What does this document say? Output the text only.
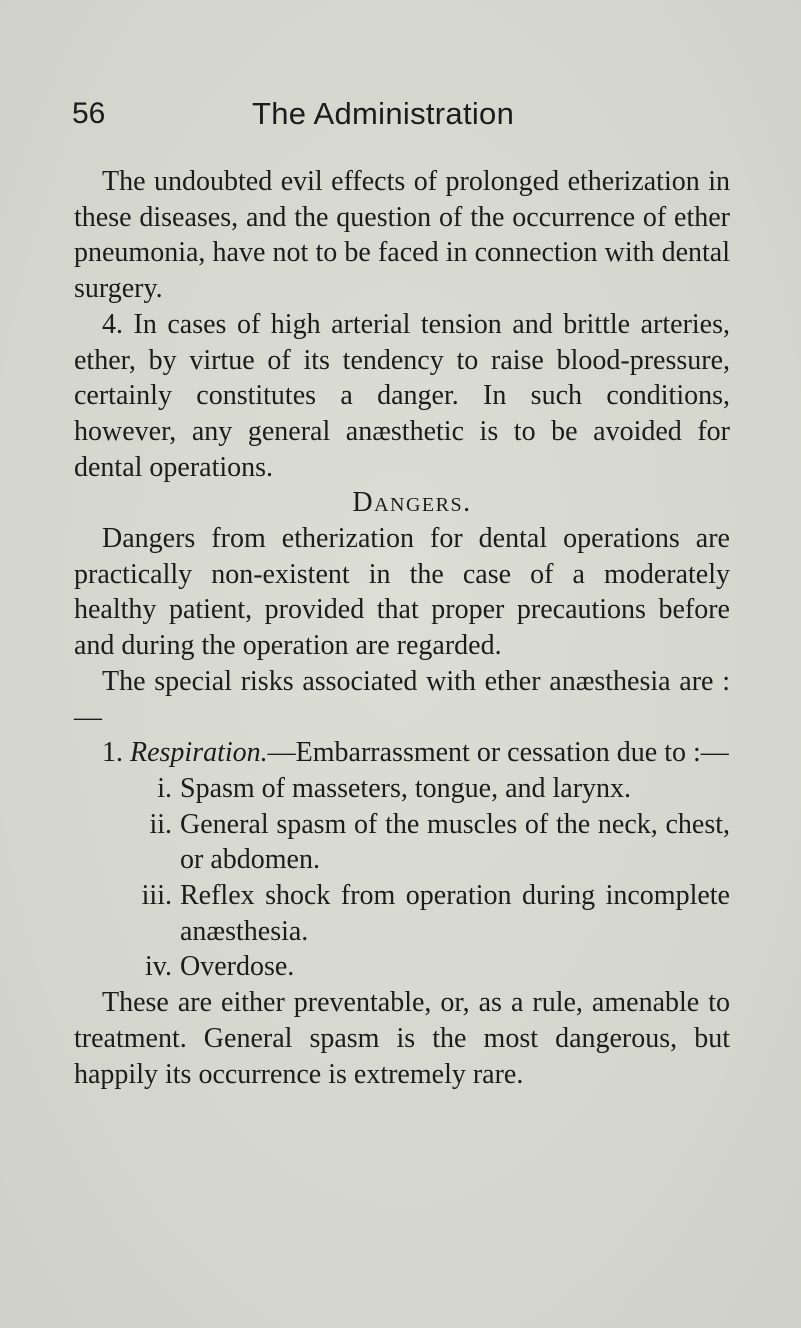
56	The Administration

The undoubted evil effects of prolonged etherization in these diseases, and the question of the occurrence of ether pneumonia, have not to be faced in connection with dental surgery.

4. In cases of high arterial tension and brittle arteries, ether, by virtue of its tendency to raise blood-pressure, certainly constitutes a danger. In such conditions, however, any general anæsthetic is to be avoided for dental operations.

Dangers.

Dangers from etherization for dental operations are practically non-existent in the case of a moderately healthy patient, provided that proper precautions before and during the operation are regarded.

The special risks associated with ether anæsthesia are :—

1. Respiration.—Embarrassment or cessation due to :—

i. Spasm of masseters, tongue, and larynx.

ii. General spasm of the muscles of the neck, chest, or abdomen.

iii. Reflex shock from operation during incomplete anæsthesia.

iv. Overdose.

These are either preventable, or, as a rule, amenable to treatment. General spasm is the most dangerous, but happily its occurrence is extremely rare.
